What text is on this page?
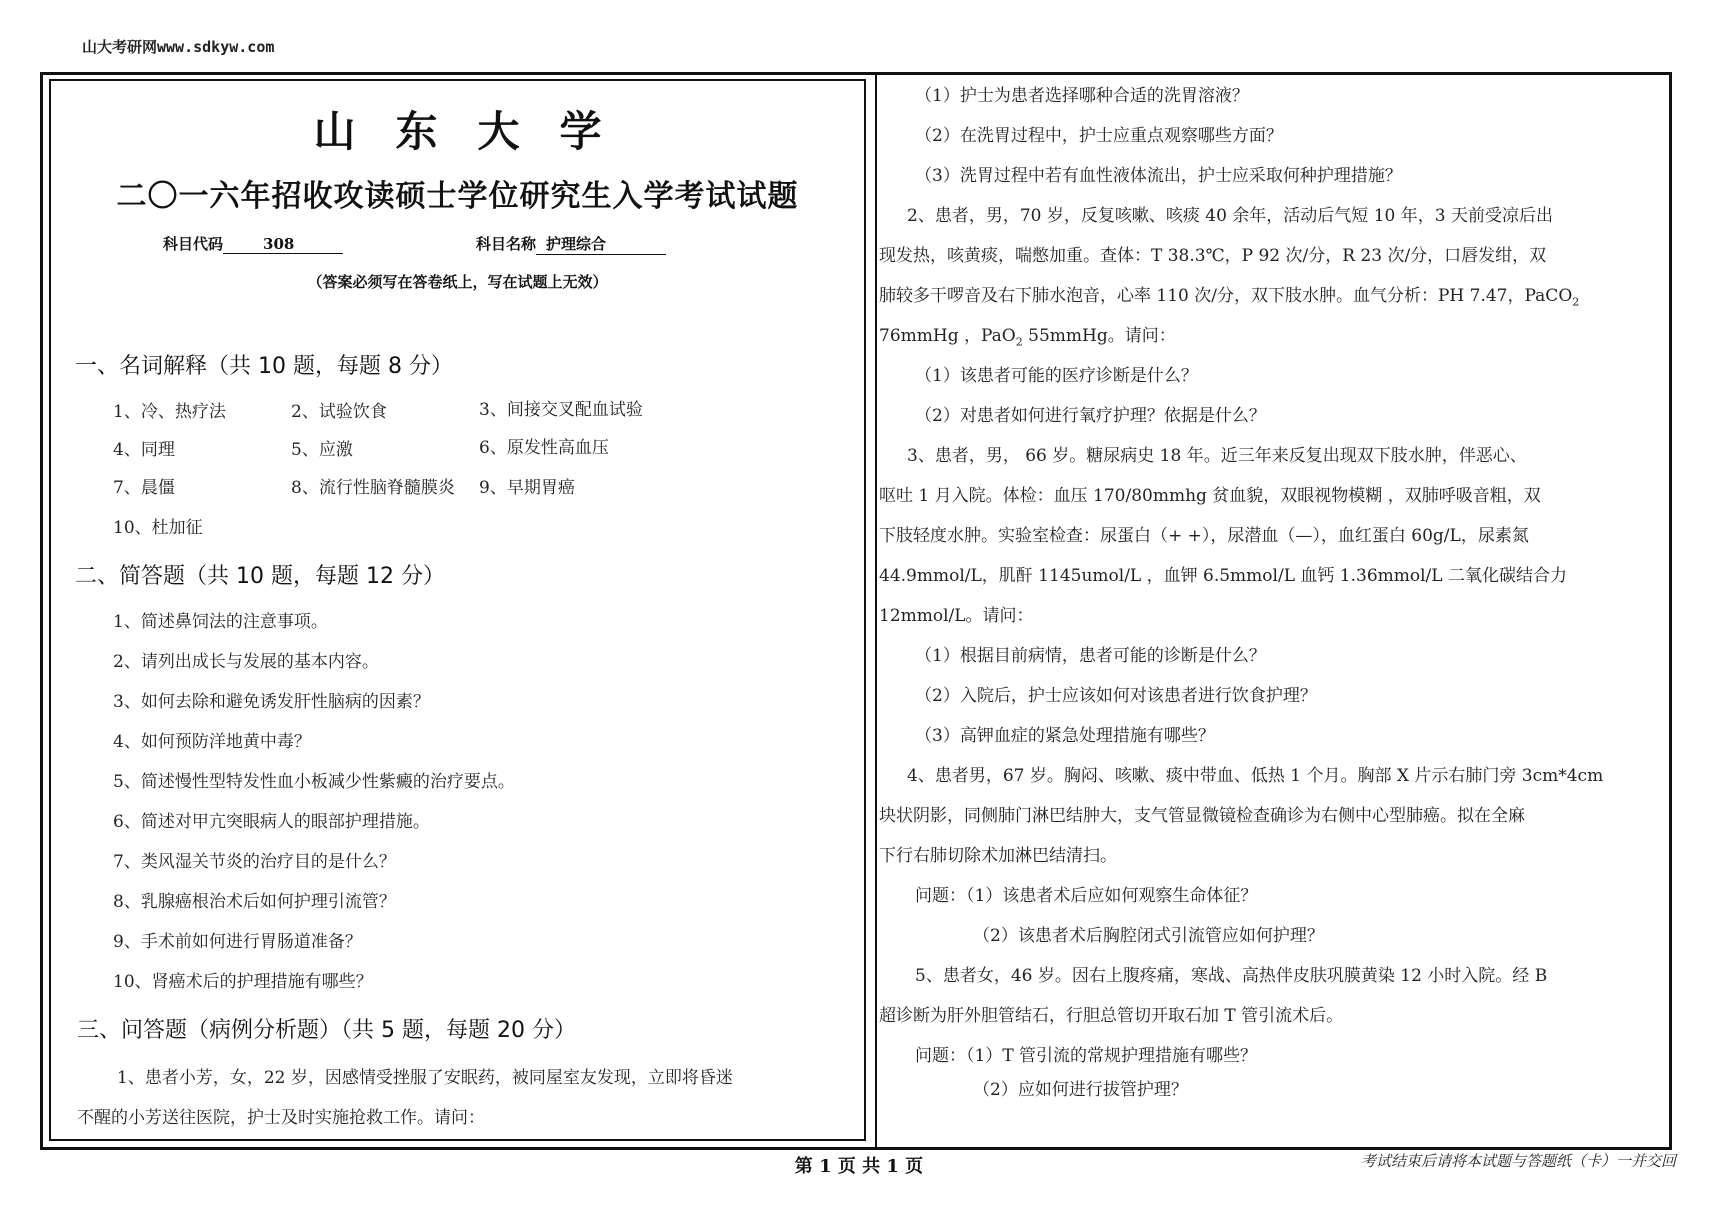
山大考研网www.sdkyw.com
山东大学
二〇一六年招收攻读硕士学位研究生入学考试试题
科目代码	308	科目名称 护理综合
（答案必须写在答卷纸上，写在试题上无效）
一、名词解释（共 10 题，每题 8 分）
1、冷、热疗法	2、试验饮食	3、间接交叉配血试验
4、同理	5、应激	6、原发性高血压
7、晨僵	8、流行性脑脊髓膜炎 9、早期胃癌
10、杜加征
二、简答题（共 10 题，每题 12 分）
1、简述鼻饲法的注意事项。
2、请列出成长与发展的基本内容。
3、如何去除和避免诱发肝性脑病的因素？
4、如何预防洋地黄中毒？
5、简述慢性型特发性血小板减少性紫癜的治疗要点。
6、简述对甲亢突眼病人的眼部护理措施。
7、类风湿关节炎的治疗目的是什么？
8、乳腺癌根治术后如何护理引流管？
9、手术前如何进行胃肠道准备？
10、肾癌术后的护理措施有哪些？
三、问答题（病例分析题）（共 5 题，每题 20 分）
1、患者小芳，女，22 岁，因感情受挫服了安眠药，被同屋室友发现，立即将昏迷
不醒的小芳送往医院，护士及时实施抢救工作。请问：
（1）护士为患者选择哪种合适的洗胃溶液？
（2）在洗胃过程中，护士应重点观察哪些方面？
（3）洗胃过程中若有血性液体流出，护士应采取何种护理措施？
2、患者，男，70 岁，反复咳嗽、咳痰 40 余年，活动后气短 10 年，3 天前受凉后出
现发热，咳黄痰，喘憋加重。查体：T 38.3℃，P 92 次/分，R 23 次/分，口唇发绀，双
肺较多干啰音及右下肺水泡音，心率 110 次/分，双下肢水肿。血气分析：PH 7.47，PaCO$_2$
76mmHg ，PaO$_2$ 55mmHg。请问：
（1）该患者可能的医疗诊断是什么？
（2）对患者如何进行氧疗护理？依据是什么？
3、患者，男， 66 岁。糖尿病史 18 年。近三年来反复出现双下肢水肿，伴恶心、
呕吐 1 月入院。体检：血压 170/80mmhg 贫血貌，双眼视物模糊 ，双肺呼吸音粗，双
下肢轻度水肿。实验室检查：尿蛋白（+ +），尿潜血（—），血红蛋白 60g/L，尿素氮
44.9mmol/L，肌酐 1145umol/L ，血钾 6.5mmol/L 血钙 1.36mmol/L 二氧化碳结合力
12mmol/L。请问：
（1）根据目前病情，患者可能的诊断是什么？
（2）入院后，护士应该如何对该患者进行饮食护理？
（3）高钾血症的紧急处理措施有哪些？
4、患者男，67 岁。胸闷、咳嗽、痰中带血、低热 1 个月。胸部 X 片示右肺门旁 3cm*4cm
块状阴影，同侧肺门淋巴结肿大，支气管显微镜检查确诊为右侧中心型肺癌。拟在全麻
下行右肺切除术加淋巴结清扫。
问题：（1）该患者术后应如何观察生命体征？
（2）该患者术后胸腔闭式引流管应如何护理？
5、患者女，46 岁。因右上腹疼痛，寒战、高热伴皮肤巩膜黄染 12 小时入院。经 B
超诊断为肝外胆管结石，行胆总管切开取石加 T 管引流术后。
问题：（1）T 管引流的常规护理措施有哪些？
（2）应如何进行拔管护理？
第 1 页 共 1 页	考试结束后请将本试题与答题纸（卡）一并交回
